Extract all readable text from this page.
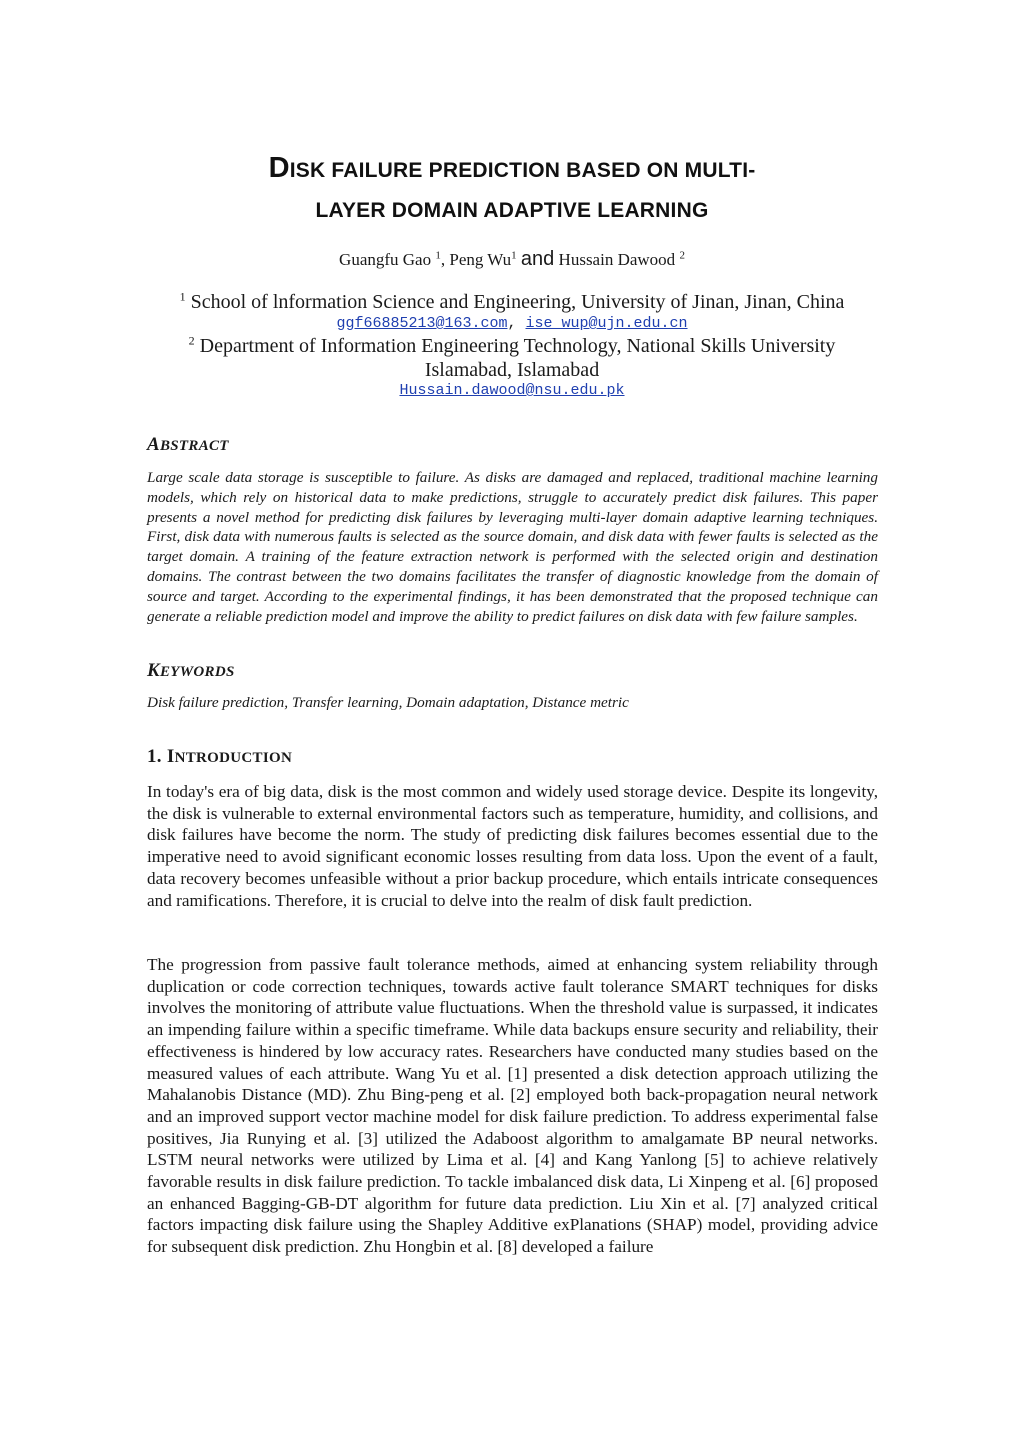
DISK FAILURE PREDICTION BASED ON MULTI-
LAYER DOMAIN ADAPTIVE LEARNING
Guangfu Gao $^1$, Peng Wu$^1$ and Hussain Dawood $^2$
$^1$ School of lnformation Science and Engineering, University of Jinan, Jinan, China
ggf66885213@163.com, ise wup@ujn.edu.cn
$^2$ Department of Information Engineering Technology, National Skills University
Islamabad, Islamabad
Hussain.dawood@nsu.edu.pk
ABSTRACT
Large scale data storage is susceptible to failure. As disks are damaged and replaced, traditional machine learning models, which rely on historical data to make predictions, struggle to accurately predict disk failures. This paper presents a novel method for predicting disk failures by leveraging multi-layer domain adaptive learning techniques. First, disk data with numerous faults is selected as the source domain, and disk data with fewer faults is selected as the target domain. A training of the feature extraction network is performed with the selected origin and destination domains. The contrast between the two domains facilitates the transfer of diagnostic knowledge from the domain of source and target. According to the experimental findings, it has been demonstrated that the proposed technique can generate a reliable prediction model and improve the ability to predict failures on disk data with few failure samples.
KEYWORDS
Disk failure prediction, Transfer learning, Domain adaptation, Distance metric
1. INTRODUCTION
In today's era of big data, disk is the most common and widely used storage device. Despite its longevity, the disk is vulnerable to external environmental factors such as temperature, humidity, and collisions, and disk failures have become the norm. The study of predicting disk failures becomes essential due to the imperative need to avoid significant economic losses resulting from data loss. Upon the event of a fault, data recovery becomes unfeasible without a prior backup procedure, which entails intricate consequences and ramifications. Therefore, it is crucial to delve into the realm of disk fault prediction.
The progression from passive fault tolerance methods, aimed at enhancing system reliability through duplication or code correction techniques, towards active fault tolerance SMART techniques for disks involves the monitoring of attribute value fluctuations. When the threshold value is surpassed, it indicates an impending failure within a specific timeframe. While data backups ensure security and reliability, their effectiveness is hindered by low accuracy rates. Researchers have conducted many studies based on the measured values of each attribute. Wang Yu et al. [1] presented a disk detection approach utilizing the Mahalanobis Distance (MD). Zhu Bing-peng et al. [2] employed both back-propagation neural network and an improved support vector machine model for disk failure prediction. To address experimental false positives, Jia Runying et al. [3] utilized the Adaboost algorithm to amalgamate BP neural networks. LSTM neural networks were utilized by Lima et al. [4] and Kang Yanlong [5] to achieve relatively favorable results in disk failure prediction. To tackle imbalanced disk data, Li Xinpeng et al. [6] proposed an enhanced Bagging-GB-DT algorithm for future data prediction. Liu Xin et al. [7] analyzed critical factors impacting disk failure using the Shapley Additive exPlanations (SHAP) model, providing advice for subsequent disk prediction. Zhu Hongbin et al. [8] developed a failure
